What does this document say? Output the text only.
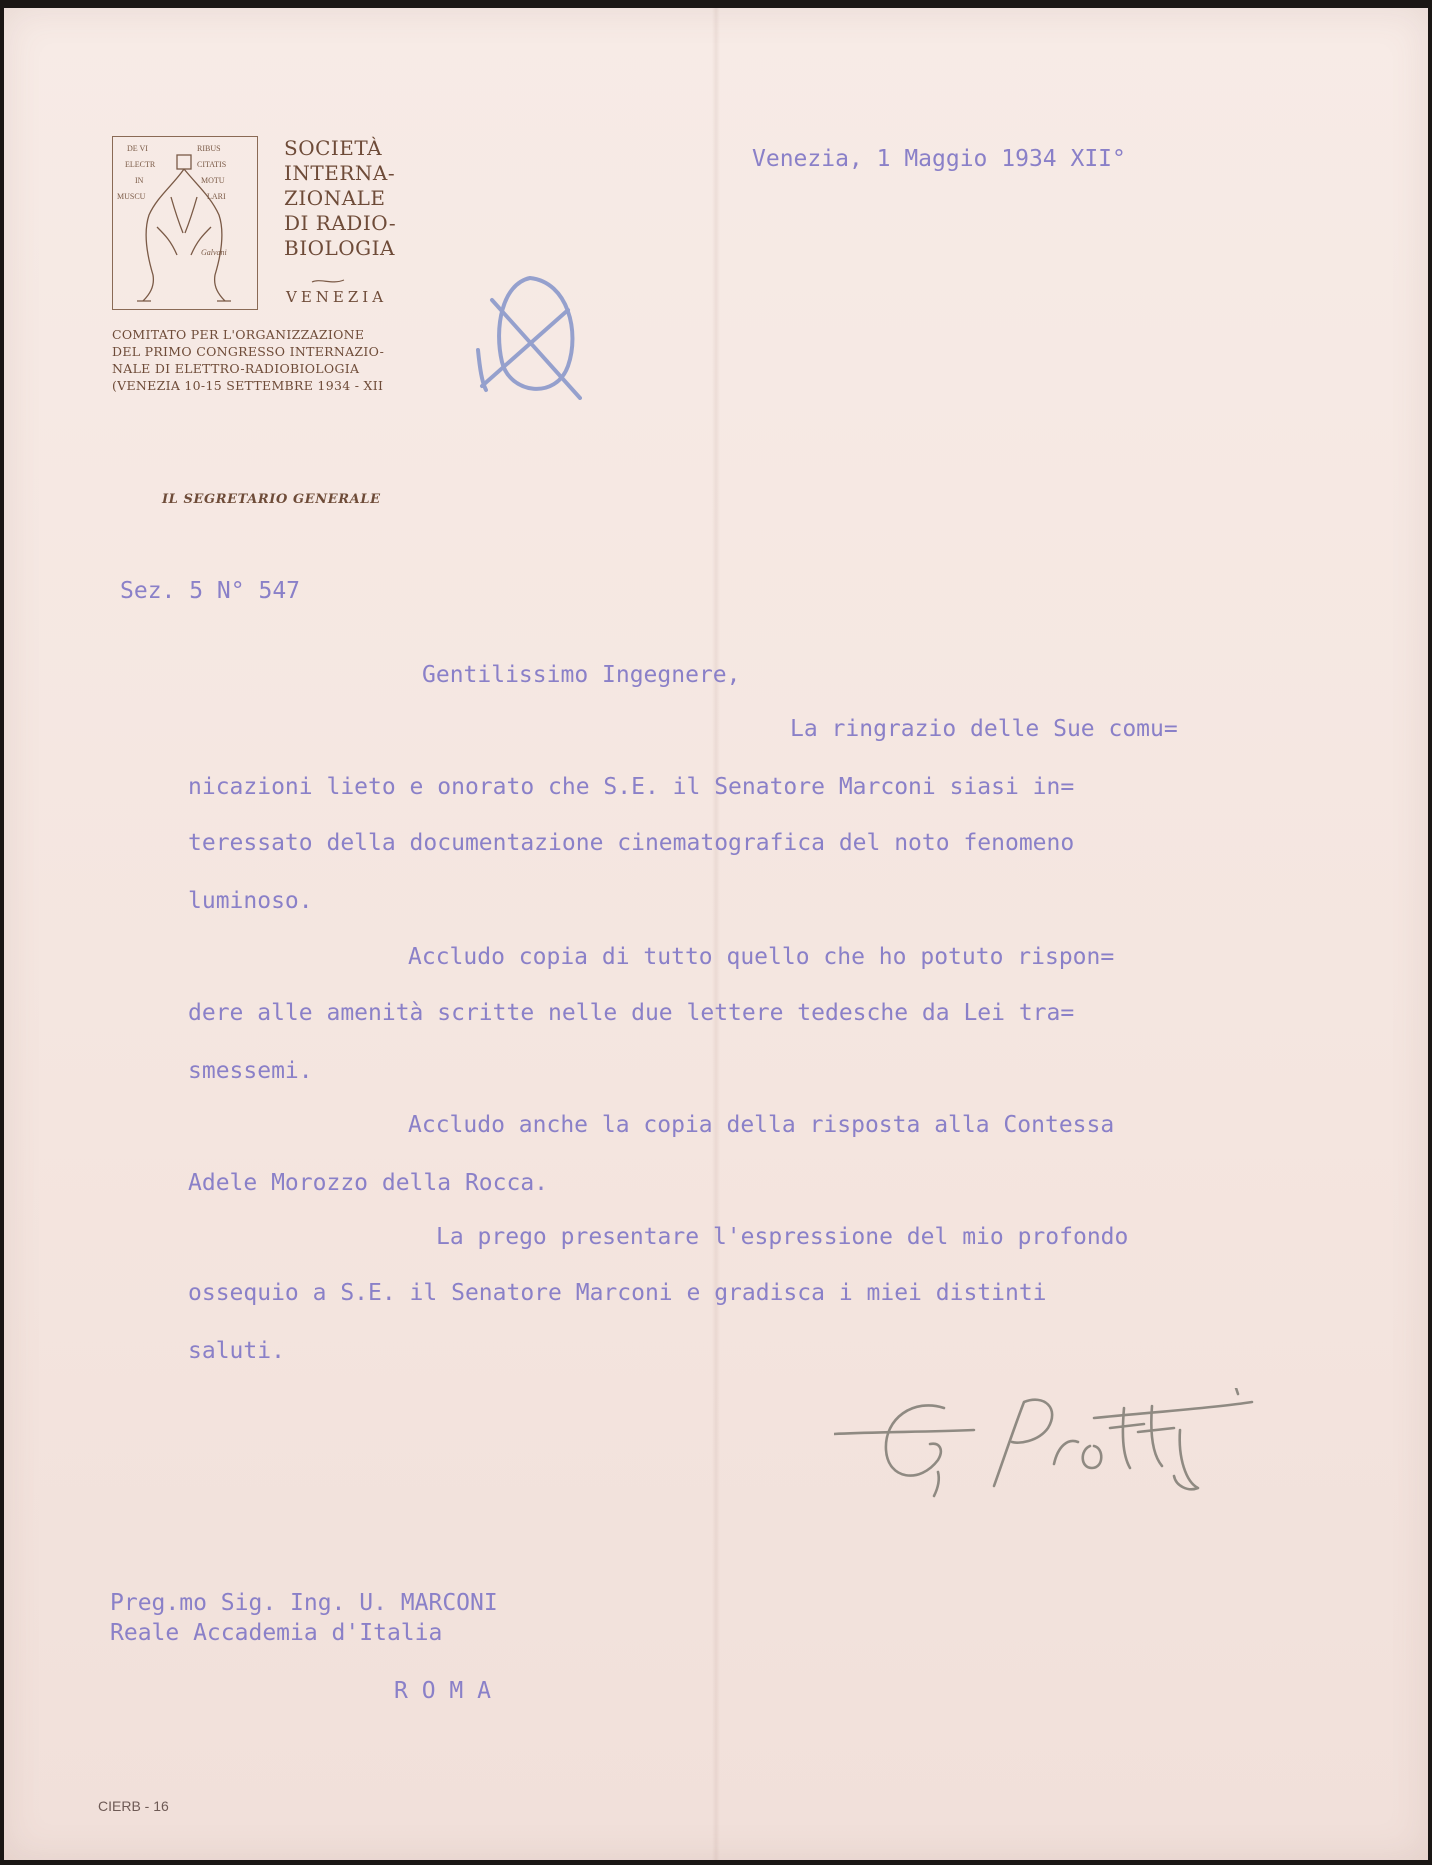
DE VI	RIBUS
ELECTR	CITATIS
IN	MOTU
MUSCU	LARI
Galvani
SOCIETÀ
INTERNA-
ZIONALE
DI RADIO-
BIOLOGIA
VENEZIA
COMITATO PER L'ORGANIZZAZIONE
DEL PRIMO CONGRESSO INTERNAZIO-
NALE DI ELETTRO-RADIOBIOLOGIA
(VENEZIA 10-15 SETTEMBRE 1934 - XII
IL SEGRETARIO GENERALE
Venezia, 1 Maggio 1934 XII°
Sez. 5 N° 547
Gentilissimo Ingegnere,
La ringrazio delle Sue comu=
nicazioni lieto e onorato che S.E. il Senatore Marconi siasi in=
teressato della documentazione cinematografica del noto fenomeno
luminoso.
Accludo copia di tutto quello che ho potuto rispon=
dere alle amenità scritte nelle due lettere tedesche da Lei tra=
smessemi.
Accludo anche la copia della risposta alla Contessa
Adele Morozzo della Rocca.
La prego presentare l'espressione del mio profondo
ossequio a S.E. il Senatore Marconi e gradisca i miei distinti
saluti.
Preg.mo Sig. Ing. U. MARCONI
Reale Accademia d'Italia
R O M A
CIERB - 16
